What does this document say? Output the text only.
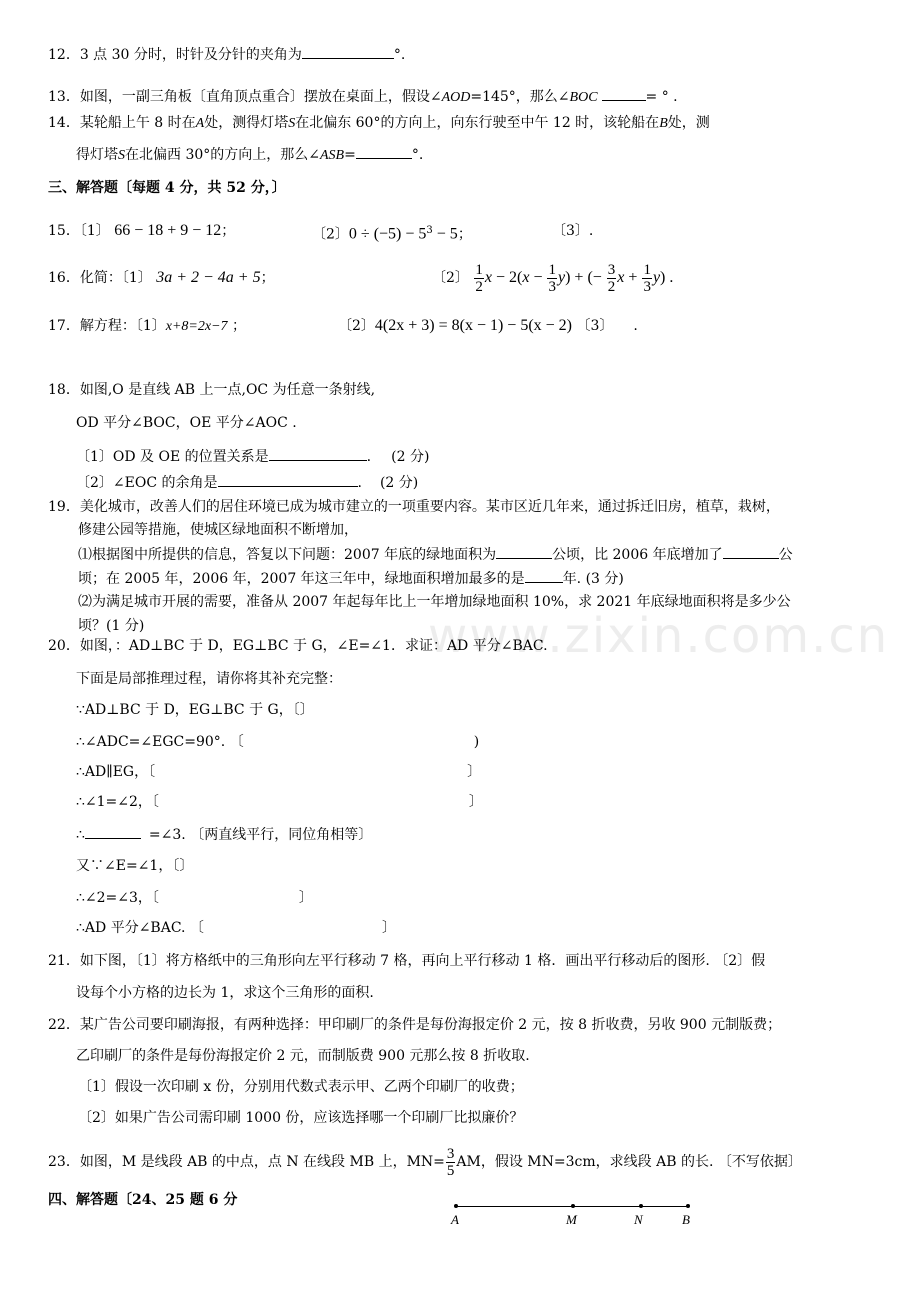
www.zixin.com.cn
12．3 点 30 分时，时针及分针的夹角为	°.
13．如图，一副三角板〔直角顶点重合〕摆放在桌面上，假设∠AOD=145°，那么∠BOC	= ° .
14．某轮船上午 8 时在A处，测得灯塔S在北偏东 60°的方向上，向东行驶至中午 12 时，该轮船在B处，测
得灯塔S在北偏西 30°的方向上，那么∠ASB=	°.
三、解答题〔每题 4 分，共 52 分，〕
15．〔1〕 66 − 18 + 9 − 12；	〔2〕$0 \div (-5) - 5^3 - 5$；	〔3〕.
16．化简：〔1〕 3a + 2 − 4a + 5；	〔2〕 $\frac{1}{2}$ $x - 2(x - \frac{1}{3} y)$ + (− $\frac{3}{2}$ $x + \frac{1}{3} y$) .
17．解方程：〔1〕x+8=2x−7 ；	〔2〕4(2x + 3) = 8(x − 1) − 5(x − 2) 〔3〕 .
18．如图,O 是直线 AB 上一点,OC 为任意一条射线,
OD 平分∠BOC，OE 平分∠AOC .
〔1〕OD 及 OE 的位置关系是	. (2 分)
〔2〕∠EOC 的余角是	. (2 分)
19．美化城市，改善人们的居住环境已成为城市建立的一项重要内容。某市区近几年来，通过拆迁旧房，植草，栽树，
修建公园等措施，使城区绿地面积不断增加，
⑴根据图中所提供的信息，答复以下问题：2007 年底的绿地面积为	公顷，比 2006 年底增加了	公
顷；在 2005 年，2006 年，2007 年这三年中，绿地面积增加最多的是	年. (3 分)
⑵为满足城市开展的需要，准备从 2007 年起每年比上一年增加绿地面积 10%，求 2021 年底绿地面积将是多少公
顷？(1 分)
20．如图，：AD⊥BC 于 D，EG⊥BC 于 G，∠E=∠1．求证：AD 平分∠BAC.
下面是局部推理过程，请你将其补充完整：
∵AD⊥BC 于 D，EG⊥BC 于 G，〔〕
∴∠ADC=∠EGC=90°. 〔	)
∴AD∥EG，〔	〕
∴∠1=∠2，〔	〕
∴	=∠3. 〔两直线平行，同位角相等〕
又∵∠E=∠1，〔〕
∴∠2=∠3，〔	〕
∴AD 平分∠BAC. 〔	〕
21．如下图，〔1〕将方格纸中的三角形向左平行移动 7 格，再向上平行移动 1 格．画出平行移动后的图形. 〔2〕假
设每个小方格的边长为 1，求这个三角形的面积.
22．某广告公司要印刷海报，有两种选择：甲印刷厂的条件是每份海报定价 2 元，按 8 折收费，另收 900 元制版费；
乙印刷厂的条件是每份海报定价 2 元，而制版费 900 元那么按 8 折收取.
〔1〕假设一次印刷 x 份，分别用代数式表示甲、乙两个印刷厂的收费；
〔2〕如果广告公司需印刷 1000 份，应该选择哪一个印刷厂比拟廉价？
23．如图，M 是线段 AB 的中点，点 N 在线段 MB 上，$MN= \frac{3}{5}$ AM，假设 MN=3cm，求线段 AB 的长. 〔不写依据〕
四、解答题〔24、25 题 6 分
A	M	N	B
